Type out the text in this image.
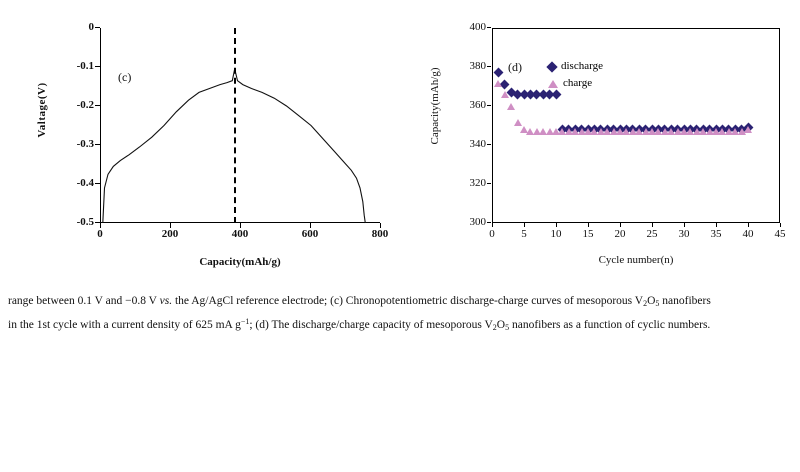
Valtage(V)
(c)
Capacity(mAh/g)
0
-0.1
-0.2
-0.3
-0.4
-0.5
0	200	400	600	800
Capacity(mAh/g)
(d)	discharge
charge
Cycle number(n)
300
320
340
360
380
400
0	5	10	15	20	25	30	35	40	45
range between 0.1 V and −0.8 V vs. the Ag/AgCl reference electrode; (c) Chronopotentiometric discharge-charge curves of mesoporous $V_2O_5$ nanofibers
in the 1st cycle with a current density of 625 mA $g^{-1}$; (d) The discharge/charge capacity of mesoporous $V_2O_5$ nanofibers as a function of cyclic numbers.
